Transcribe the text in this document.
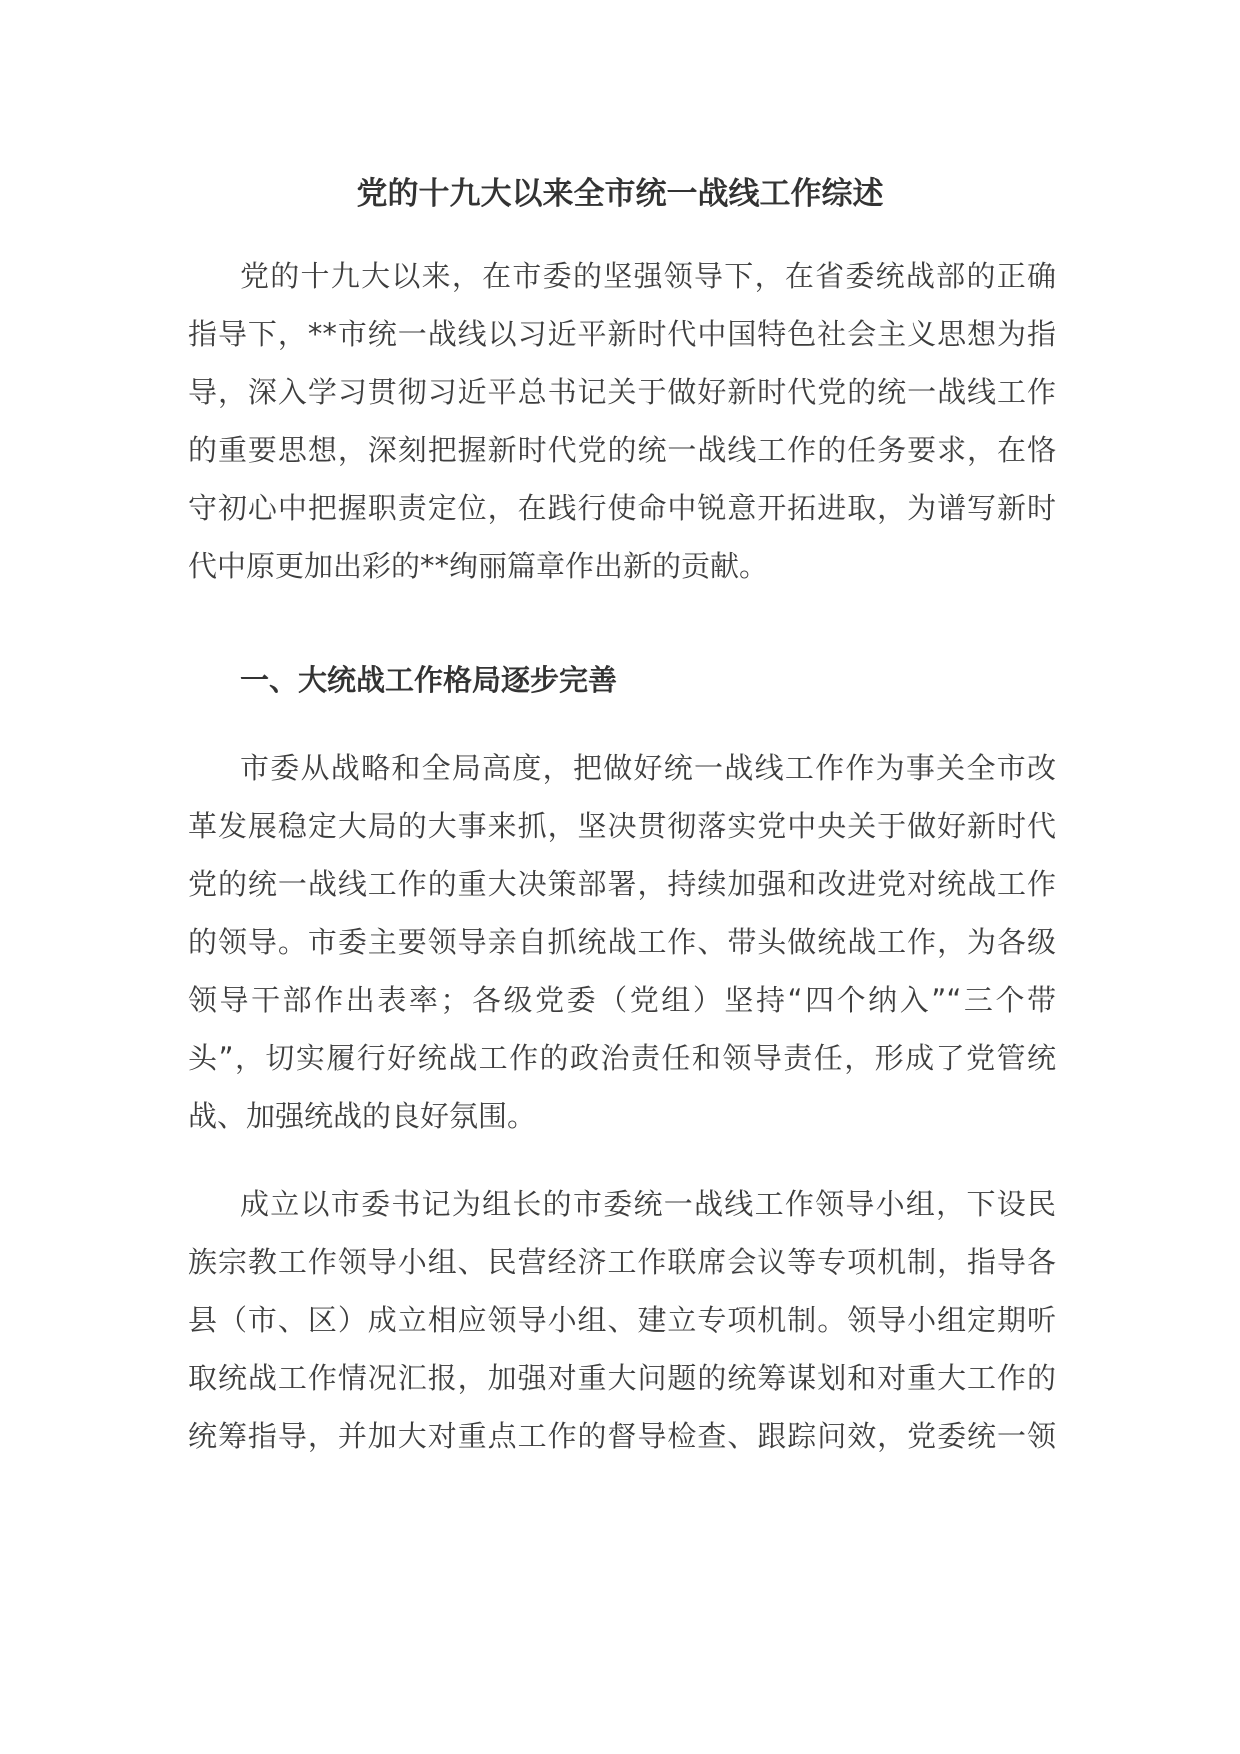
党的十九大以来全市统一战线工作综述
党的十九大以来，在市委的坚强领导下，在省委统战部的正确
指导下，**市统一战线以习近平新时代中国特色社会主义思想为指
导，深入学习贯彻习近平总书记关于做好新时代党的统一战线工作
的重要思想，深刻把握新时代党的统一战线工作的任务要求，在恪
守初心中把握职责定位，在践行使命中锐意开拓进取，为谱写新时
代中原更加出彩的**绚丽篇章作出新的贡献。
一、大统战工作格局逐步完善
市委从战略和全局高度，把做好统一战线工作作为事关全市改
革发展稳定大局的大事来抓，坚决贯彻落实党中央关于做好新时代
党的统一战线工作的重大决策部署，持续加强和改进党对统战工作
的领导。市委主要领导亲自抓统战工作、带头做统战工作，为各级
领导干部作出表率；各级党委（党组）坚持“四个纳入”“三个带
头”，切实履行好统战工作的政治责任和领导责任，形成了党管统
战、加强统战的良好氛围。
成立以市委书记为组长的市委统一战线工作领导小组，下设民
族宗教工作领导小组、民营经济工作联席会议等专项机制，指导各
县（市、区）成立相应领导小组、建立专项机制。领导小组定期听
取统战工作情况汇报，加强对重大问题的统筹谋划和对重大工作的
统筹指导，并加大对重点工作的督导检查、跟踪问效，党委统一领
